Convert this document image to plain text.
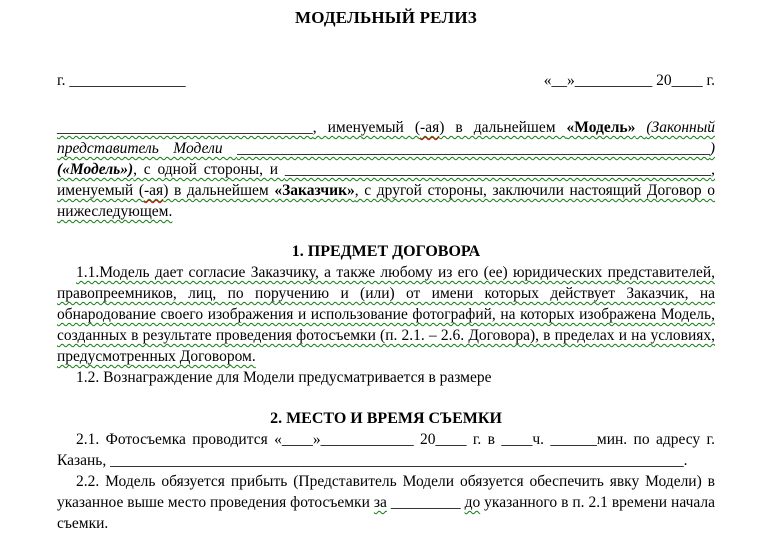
МОДЕЛЬНЫЙ РЕЛИЗ
г. _______________	«__»__________ 20____ г.

_________________________________, именуемый (-ая) в дальнейшем «Модель» (Законный представитель Модели _____________________________________________________________) («Модель»), с одной стороны, и _______________________________________________________, именуемый (-ая) в дальнейшем «Заказчик», с другой стороны, заключили настоящий Договор о нижеследующем.

1. ПРЕДМЕТ ДОГОВОРА

1.1.Модель дает согласие Заказчику, а также любому из его (ее) юридических представителей, правопреемников, лиц, по поручению и (или) от имени которых действует Заказчик, на обнародование своего изображения и использование фотографий, на которых изображена Модель, созданных в результате проведения фотосъемки (п. 2.1. – 2.6. Договора), в пределах и на условиях, предусмотренных Договором.

1.2. Вознаграждение для Модели предусматривается в размере

2. МЕСТО И ВРЕМЯ СЪЕМКИ

2.1. Фотосъемка проводится «____»____________ 20____ г. в ____ч. ______мин. по адресу г. Казань, __________________________________________________________________________.

2.2. Модель обязуется прибыть (Представитель Модели обязуется обеспечить явку Модели) в указанное выше место проведения фотосъемки за _________ до указанного в п. 2.1 времени начала съемки.
